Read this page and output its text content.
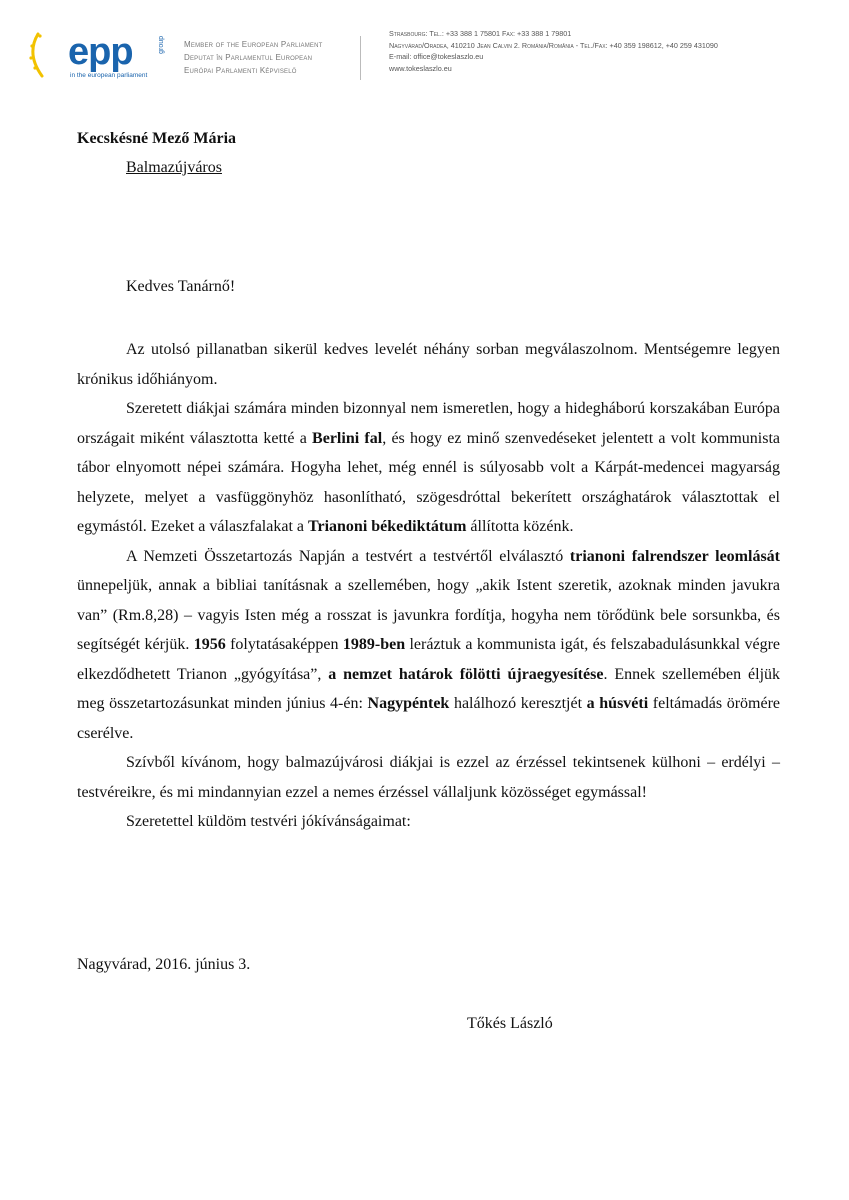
epp	group
in the european parliament
Member of the European Parliament
Deputat în Parlamentul European
Európai Parlamenti Képviselő
Strasbourg: Tel.: +33 388 1 75801 Fax: +33 388 1 79801
Nagyvárad/Oradea, 410210 Jean Calvin 2. Románia/România - Tel./Fax: +40 359 198612, +40 259 431090
E-mail: office@tokeslaszlo.eu
www.tokeslaszlo.eu
Kecskésné Mező Mária
Balmazújváros
Kedves Tanárnő!

Az utolsó pillanatban sikerül kedves levelét néhány sorban megválaszolnom. Mentségemre legyen krónikus időhiányom.

Szeretett diákjai számára minden bizonnyal nem ismeretlen, hogy a hidegháború korszakában Európa országait miként választotta ketté a Berlini fal, és hogy ez minő szenvedéseket jelentett a volt kommunista tábor elnyomott népei számára. Hogyha lehet, még ennél is súlyosabb volt a Kárpát-medencei magyarság helyzete, melyet a vasfüggönyhöz hasonlítható, szögesdróttal bekerített országhatárok választottak el egymástól. Ezeket a válaszfalakat a Trianoni békediktátum állította közénk.

A Nemzeti Összetartozás Napján a testvért a testvértől elválasztó trianoni falrendszer leomlását ünnepeljük, annak a bibliai tanításnak a szellemében, hogy „akik Istent szeretik, azoknak minden javukra van” (Rm.8,28) – vagyis Isten még a rosszat is javunkra fordítja, hogyha nem törődünk bele sorsunkba, és segítségét kérjük. 1956 folytatásaképpen 1989-ben leráztuk a kommunista igát, és felszabadulásunkkal végre elkezdődhetett Trianon „gyógyítása”, a nemzet határok fölötti újraegyesítése. Ennek szellemében éljük meg összetartozásunkat minden június 4-én: Nagypéntek halálhozó keresztjét a húsvéti feltámadás örömére cserélve.

Szívből kívánom, hogy balmazújvárosi diákjai is ezzel az érzéssel tekintsenek külhoni – erdélyi – testvéreikre, és mi mindannyian ezzel a nemes érzéssel vállaljunk közösséget egymással!

Szeretettel küldöm testvéri jókívánságaimat:

Nagyvárad, 2016. június 3.
Tőkés László
